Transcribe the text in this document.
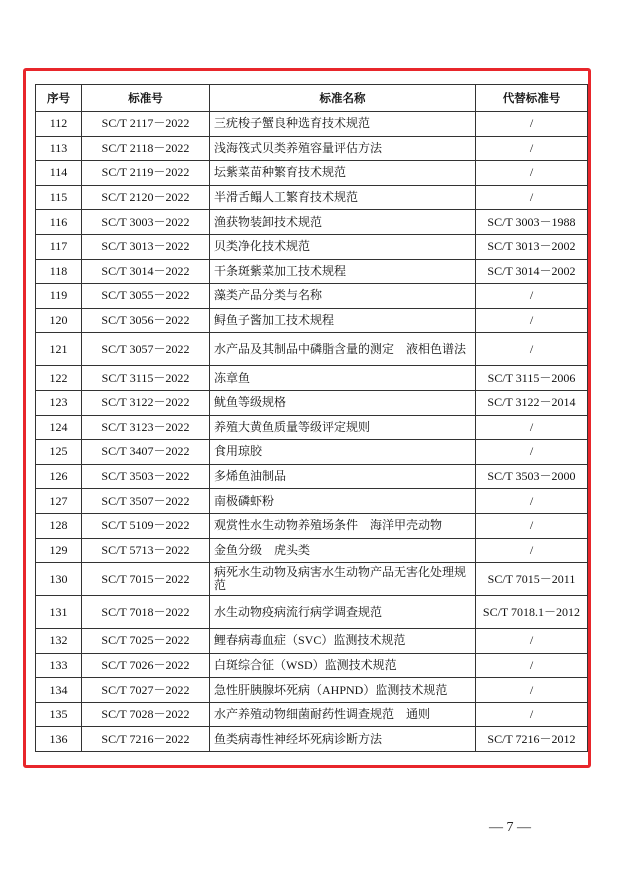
序号	标准号	标准名称	代替标准号
112	SC/T 2117－2022	三疣梭子蟹良种选育技术规范	/
113	SC/T 2118－2022	浅海筏式贝类养殖容量评估方法	/
114	SC/T 2119－2022	坛紫菜苗种繁育技术规范	/
115	SC/T 2120－2022	半滑舌鳎人工繁育技术规范	/
116	SC/T 3003－2022	渔获物装卸技术规范	SC/T 3003－1988
117	SC/T 3013－2022	贝类净化技术规范	SC/T 3013－2002
118	SC/T 3014－2022	干条斑紫菜加工技术规程	SC/T 3014－2002
119	SC/T 3055－2022	藻类产品分类与名称	/
120	SC/T 3056－2022	鲟鱼子酱加工技术规程	/
121	SC/T 3057－2022	水产品及其制品中磷脂含量的测定　液相色谱法	/
122	SC/T 3115－2022	冻章鱼	SC/T 3115－2006
123	SC/T 3122－2022	鱿鱼等级规格	SC/T 3122－2014
124	SC/T 3123－2022	养殖大黄鱼质量等级评定规则	/
125	SC/T 3407－2022	食用琼胶	/
126	SC/T 3503－2022	多烯鱼油制品	SC/T 3503－2000
127	SC/T 3507－2022	南极磷虾粉	/
128	SC/T 5109－2022	观赏性水生动物养殖场条件　海洋甲壳动物	/
129	SC/T 5713－2022	金鱼分级　虎头类	/
130	SC/T 7015－2022	病死水生动物及病害水生动物产品无害化处理规范	SC/T 7015－2011
131	SC/T 7018－2022	水生动物疫病流行病学调查规范	SC/T 7018.1－2012
132	SC/T 7025－2022	鲤春病毒血症（SVC）监测技术规范	/
133	SC/T 7026－2022	白斑综合征（WSD）监测技术规范	/
134	SC/T 7027－2022	急性肝胰腺坏死病（AHPND）监测技术规范	/
135	SC/T 7028－2022	水产养殖动物细菌耐药性调查规范　通则	/
136	SC/T 7216－2022	鱼类病毒性神经坏死病诊断方法	SC/T 7216－2012
— 7 —
